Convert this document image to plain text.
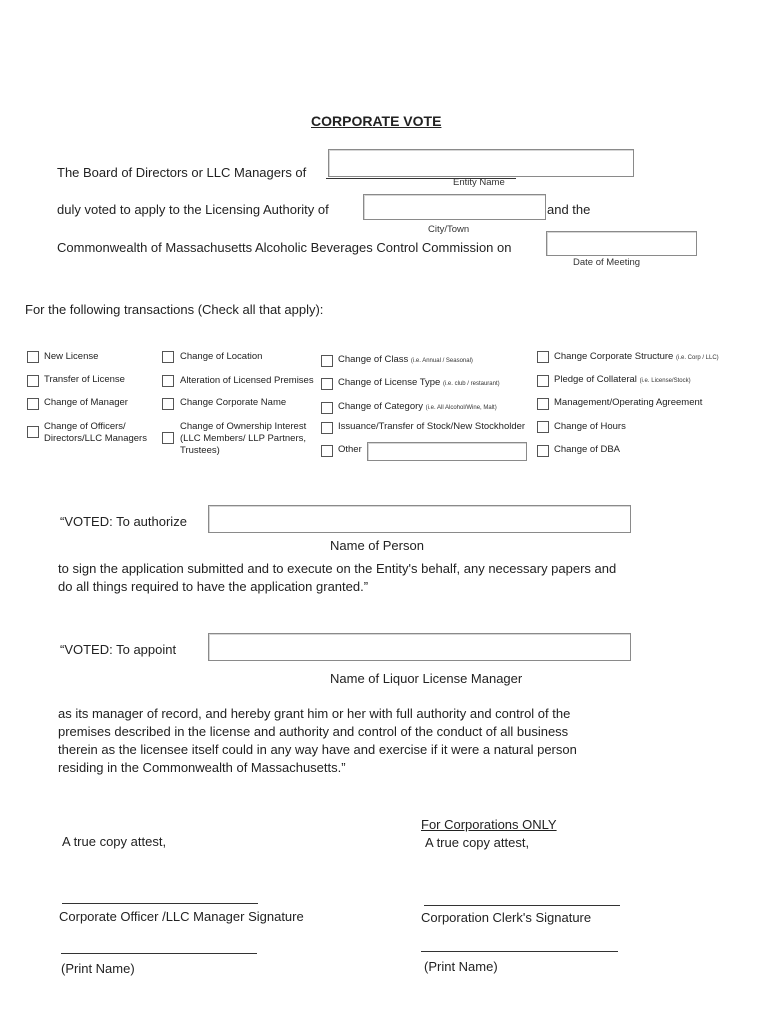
CORPORATE VOTE
The Board of Directors or LLC Managers of
Entity Name
duly voted to apply to the Licensing Authority of	and the
City/Town
Commonwealth of Massachusetts Alcoholic Beverages Control Commission on
Date of Meeting
For the following transactions (Check all that apply):
New License
Transfer of License
Change of Manager
Change of Officers/
Directors/LLC Managers
Change of Location
Alteration of Licensed Premises
Change Corporate Name
Change of Ownership Interest
(LLC Members/ LLP Partners,
Trustees)
Change of Class (i.e. Annual / Seasonal)
Change of License Type (i.e. club / restaurant)
Change of Category (i.e. All Alcohol/Wine, Malt)
Issuance/Transfer of Stock/New Stockholder
Other
Change Corporate Structure (i.e. Corp / LLC)
Pledge of Collateral (i.e. License/Stock)
Management/Operating Agreement
Change of Hours
Change of DBA
“VOTED: To authorize
Name of Person
to sign the application submitted and to execute on the Entity's behalf, any necessary papers and
do all things required to have the application granted.”
“VOTED: To appoint
Name of Liquor License Manager
as its manager of record, and hereby grant him or her with full authority and control of the
premises described in the license and authority and control of the conduct of all business
therein as the licensee itself could in any way have and exercise if it were a natural person
residing in the Commonwealth of Massachusetts.”
For Corporations ONLY
A true copy attest,	A true copy attest,
Corporate Officer /LLC Manager Signature	Corporation Clerk's Signature
(Print Name)	(Print Name)
